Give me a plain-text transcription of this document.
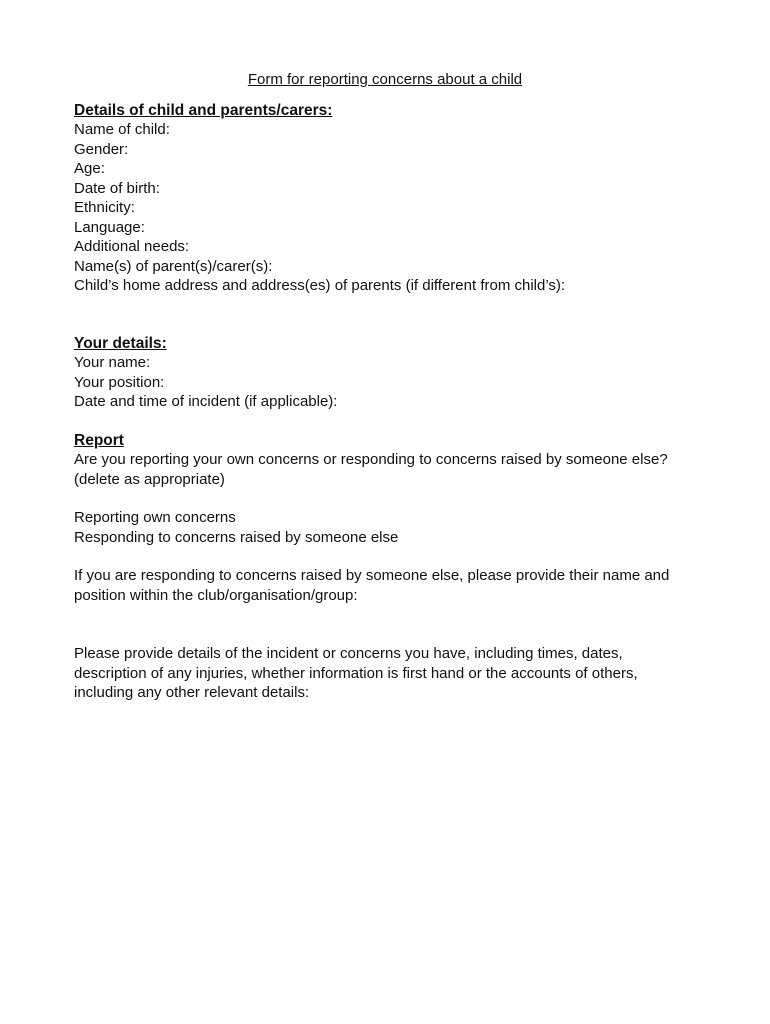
Form for reporting concerns about a child

Details of child and parents/carers:

Name of child:

Gender:

Age:

Date of birth:

Ethnicity:

Language:

Additional needs:

Name(s) of parent(s)/carer(s):

Child’s home address and address(es) of parents (if different from child’s):

Your details:

Your name:

Your position:

Date and time of incident (if applicable):

Report

Are you reporting your own concerns or responding to concerns raised by someone else? (delete as appropriate)

Reporting own concerns

Responding to concerns raised by someone else

If you are responding to concerns raised by someone else, please provide their name and position within the club/organisation/group:

Please provide details of the incident or concerns you have, including times, dates, description of any injuries, whether information is first hand or the accounts of others, including any other relevant details:
